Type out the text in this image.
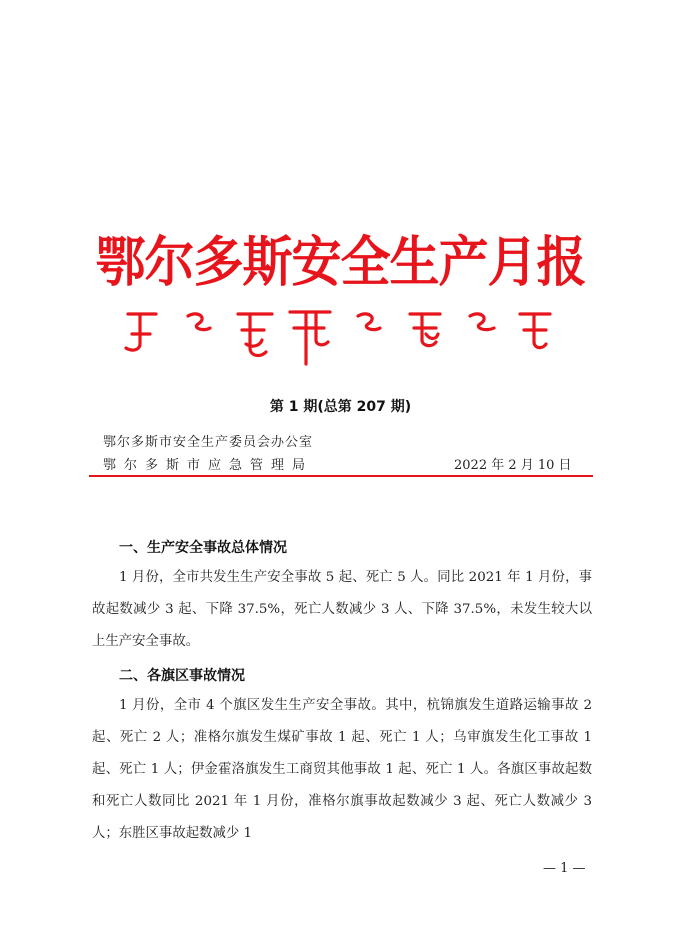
鄂尔多斯安全生产月报
第 1 期(总第 207 期)
鄂尔多斯市安全生产委员会办公室
鄂尔多斯市应急管理局	2022 年 2 月 10 日
一、生产安全事故总体情况
1 月份，全市共发生生产安全事故 5 起、死亡 5 人。同比 2021 年 1 月份，事故起数减少 3 起、下降 37.5%，死亡人数减少 3 人、下降 37.5%，未发生较大以上生产安全事故。
二、各旗区事故情况
1 月份，全市 4 个旗区发生生产安全事故。其中，杭锦旗发生道路运输事故 2 起、死亡 2 人；准格尔旗发生煤矿事故 1 起、死亡 1 人；乌审旗发生化工事故 1 起、死亡 1 人；伊金霍洛旗发生工商贸其他事故 1 起、死亡 1 人。各旗区事故起数和死亡人数同比 2021 年 1 月份，准格尔旗事故起数减少 3 起、死亡人数减少 3 人；东胜区事故起数减少 1
— 1 —
